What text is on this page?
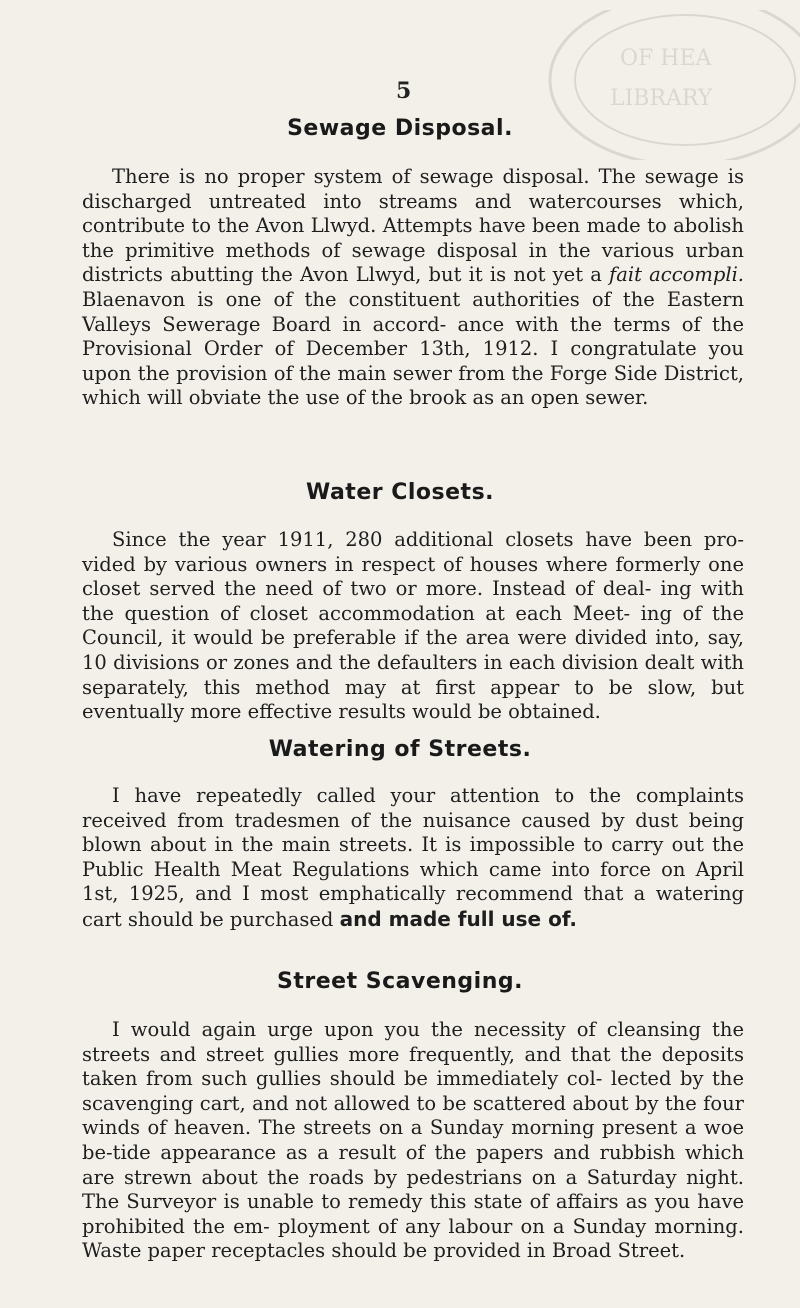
OF HEA
LIBRARY
5
Sewage Disposal.

There is no proper system of sewage disposal. The sewage is discharged untreated into streams and watercourses which, contribute to the Avon Llwyd. Attempts have been made to abolish the primitive methods of sewage disposal in the various urban districts abutting the Avon Llwyd, but it is not yet a fait accompli. Blaenavon is one of the constituent authorities of the Eastern Valleys Sewerage Board in accord- ance with the terms of the Provisional Order of December 13th, 1912. I congratulate you upon the provision of the main sewer from the Forge Side District, which will obviate the use of the brook as an open sewer.

Water Closets.

Since the year 1911, 280 additional closets have been pro- vided by various owners in respect of houses where formerly one closet served the need of two or more. Instead of deal- ing with the question of closet accommodation at each Meet- ing of the Council, it would be preferable if the area were divided into, say, 10 divisions or zones and the defaulters in each division dealt with separately, this method may at first appear to be slow, but eventually more effective results would be obtained.

Watering of Streets.

I have repeatedly called your attention to the complaints received from tradesmen of the nuisance caused by dust being blown about in the main streets. It is impossible to carry out the Public Health Meat Regulations which came into force on April 1st, 1925, and I most emphatically recommend that a watering cart should be purchased and made full use of.

Street Scavenging.

I would again urge upon you the necessity of cleansing the streets and street gullies more frequently, and that the deposits taken from such gullies should be immediately col- lected by the scavenging cart, and not allowed to be scattered about by the four winds of heaven. The streets on a Sunday morning present a woe be-tide appearance as a result of the papers and rubbish which are strewn about the roads by pedestrians on a Saturday night. The Surveyor is unable to remedy this state of affairs as you have prohibited the em- ployment of any labour on a Sunday morning. Waste paper receptacles should be provided in Broad Street.
